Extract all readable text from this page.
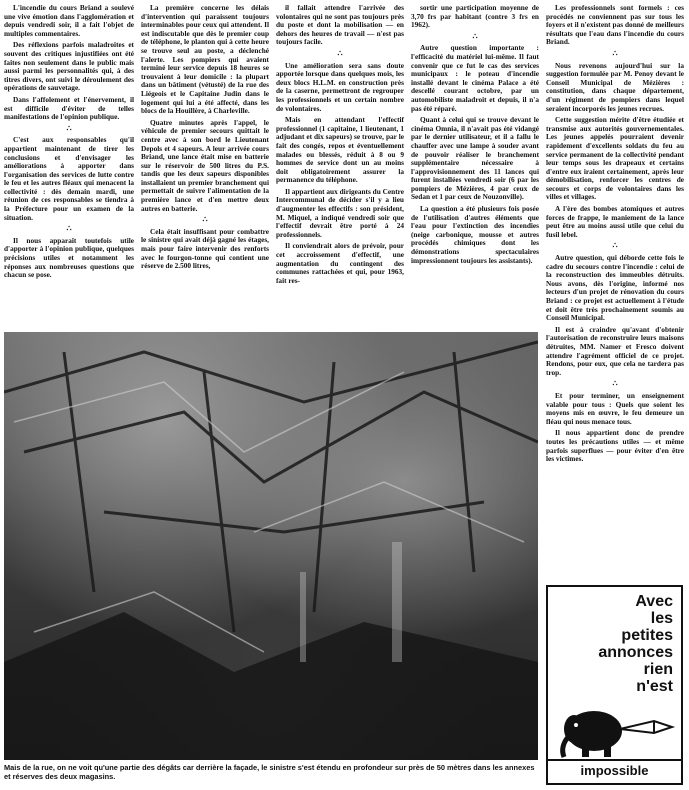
L'incendie du cours Briand a soulevé une vive émotion dans l'agglomération et depuis vendredi soir, il a fait l'objet de multiples commentaires.

Des réflexions parfois maladroites et souvent des critiques injustifiées ont été faites non seulement dans le public mais aussi parmi les personnalités qui, à des titres divers, ont suivi le déroulement des opérations de sauvetage.

Dans l'affolement et l'énervement, il est difficile d'éviter de telles manifestations de l'opinion publique.

∴

C'est aux responsables qu'il appartient maintenant de tirer les conclusions et d'envisager les améliorations à apporter dans l'organisation des services de lutte contre le feu et les autres fléaux qui menacent la collectivité : dès demain mardi, une réunion de ces responsables se tiendra à la Préfecture pour un examen de la situation.

∴

Il nous apparaît toutefois utile d'apporter à l'opinion publique, quelques précisions utiles et notamment les réponses aux nombreuses questions que chacun se pose.

La première concerne les délais d'intervention qui paraissent toujours interminables pour ceux qui attendent. Il est indiscutable que dès le premier coup de téléphone, le planton qui à cette heure se trouve seul au poste, a déclenché l'alerte. Les pompiers qui avaient terminé leur service depuis 18 heures se trouvaient à leur domicile : la plupart dans un bâtiment (vétusté) de la rue des Liégeois et le Capitaine Judin dans le logement qui lui a été affecté, dans les blocs de la Houillère, à Charleville.

Quatre minutes après l'appel, le véhicule de premier secours quittait le centre avec à son bord le Lieutenant Depols et 4 sapeurs. A leur arrivée cours Briand, une lance était mise en batterie sur le réservoir de 500 litres du P.S. tandis que les deux sapeurs disponibles installaient un premier branchement qui permettait de suivre l'alimentation de la première lance et d'en mettre deux autres en batterie.

∴

Cela était insuffisant pour combattre le sinistre qui avait déjà gagné les étages, mais pour faire intervenir des renforts avec le fourgon-tonne qui contient une réserve de 2.500 litres,

il fallait attendre l'arrivée des volontaires qui ne sont pas toujours près du poste et dont la mobilisation — en dehors des heures de travail — n'est pas toujours facile.

∴

Une amélioration sera sans doute apportée lorsque dans quelques mois, les deux blocs H.L.M. en construction près de la caserne, permettront de regrouper les professionnels et un certain nombre de volontaires.

Mais en attendant l'effectif professionnel (1 capitaine, 1 lieutenant, 1 adjudant et dix sapeurs) se trouve, par le fait des congés, repos et éventuellement malades ou blessés, réduit à 8 ou 9 hommes de service dont un au moins doit obligatoirement assurer la permanence du téléphone.

Il appartient aux dirigeants du Centre Intercommunal de décider s'il y a lieu d'augmenter les effectifs : son président, M. Miquel, a indiqué vendredi soir que l'effectif devrait être porté à 24 professionnels.

Il conviendrait alors de prévoir, pour cet accroissement d'effectif, une augmentation du contingent des communes rattachées et qui, pour 1963, fait res-

sortir une participation moyenne de 3,70 frs par habitant (contre 3 frs en 1962).

∴

Autre question importante : l'efficacité du matériel lui-même. Il faut convenir que ce fut le cas des services municipaux : le poteau d'incendie installé devant le cinéma Palace a été descellé courant octobre, par un automobiliste maladroit et depuis, il n'a pas été réparé.

Quant à celui qui se trouve devant le cinéma Omnia, il n'avait pas été vidangé par le dernier utilisateur, et il a fallu le chauffer avec une lampe à souder avant de pouvoir réaliser le branchement supplémentaire nécessaire à l'approvisionnement des 11 lances qui furent installées vendredi soir (6 par les pompiers de Mézières, 4 par ceux de Sedan et 1 par ceux de Nouzonville).

La question a été plusieurs fois posée de l'utilisation d'autres éléments que l'eau pour l'extinction des incendies (neige carbonique, mousse et autres procédés chimiques dont les démonstrations spectaculaires impressionnent toujours les assistants).

Les professionnels sont formels : ces procédés ne conviennent pas sur tous les foyers et il n'existent pas donné de meilleurs résultats que l'eau dans l'incendie du cours Briand.

∴

Nous revenons aujourd'hui sur la suggestion formulée par M. Penoy devant le Conseil Municipal de Mézières : constitution, dans chaque département, d'un régiment de pompiers dans lequel seraient incorporés les jeunes recrues.

Cette suggestion mérite d'être étudiée et transmise aux autorités gouvernementales. Les jeunes appelés pourraient devenir rapidement d'excellents soldats du feu au service permanent de la collectivité pendant leur temps sous les drapeaux et certains d'entre eux iraient certainement, après leur démobilisation, renforcer les centres de secours et corps de volontaires dans les villes et villages.

A l'ère des bombes atomiques et autres forces de frappe, le maniement de la lance peut être au moins aussi utile que celui du fusil lebel.

∴

Autre question, qui déborde cette fois le cadre du secours contre l'incendie : celui de la reconstruction des immeubles détruits. Nous avons, dès l'origine, informé nos lecteurs d'un projet de rénovation du cours Briand : ce projet est actuellement à l'étude et doit être très prochainement soumis au Conseil Municipal.

Il est à craindre qu'avant d'obtenir l'autorisation de reconstruire leurs maisons détruites, MM. Namer et Fresco doivent attendre l'agrément officiel de ce projet. Rendons, pour eux, que cela ne tardera pas trop.

∴

Et pour terminer, un enseignement valable pour tous : Quels que soient les moyens mis en œuvre, le feu demeure un fléau qui nous menace tous.

Il nous appartient donc de prendre toutes les précautions utiles — et même parfois superflues — pour éviter d'en être les victimes.

Mais de la rue, on ne voit qu'une partie des dégâts car derrière la façade, le sinistre s'est étendu en profondeur sur près de 50 mètres dans les annexes et réserves des deux magasins.
Avec
les
petites
annonces
rien
n'est
impossible
